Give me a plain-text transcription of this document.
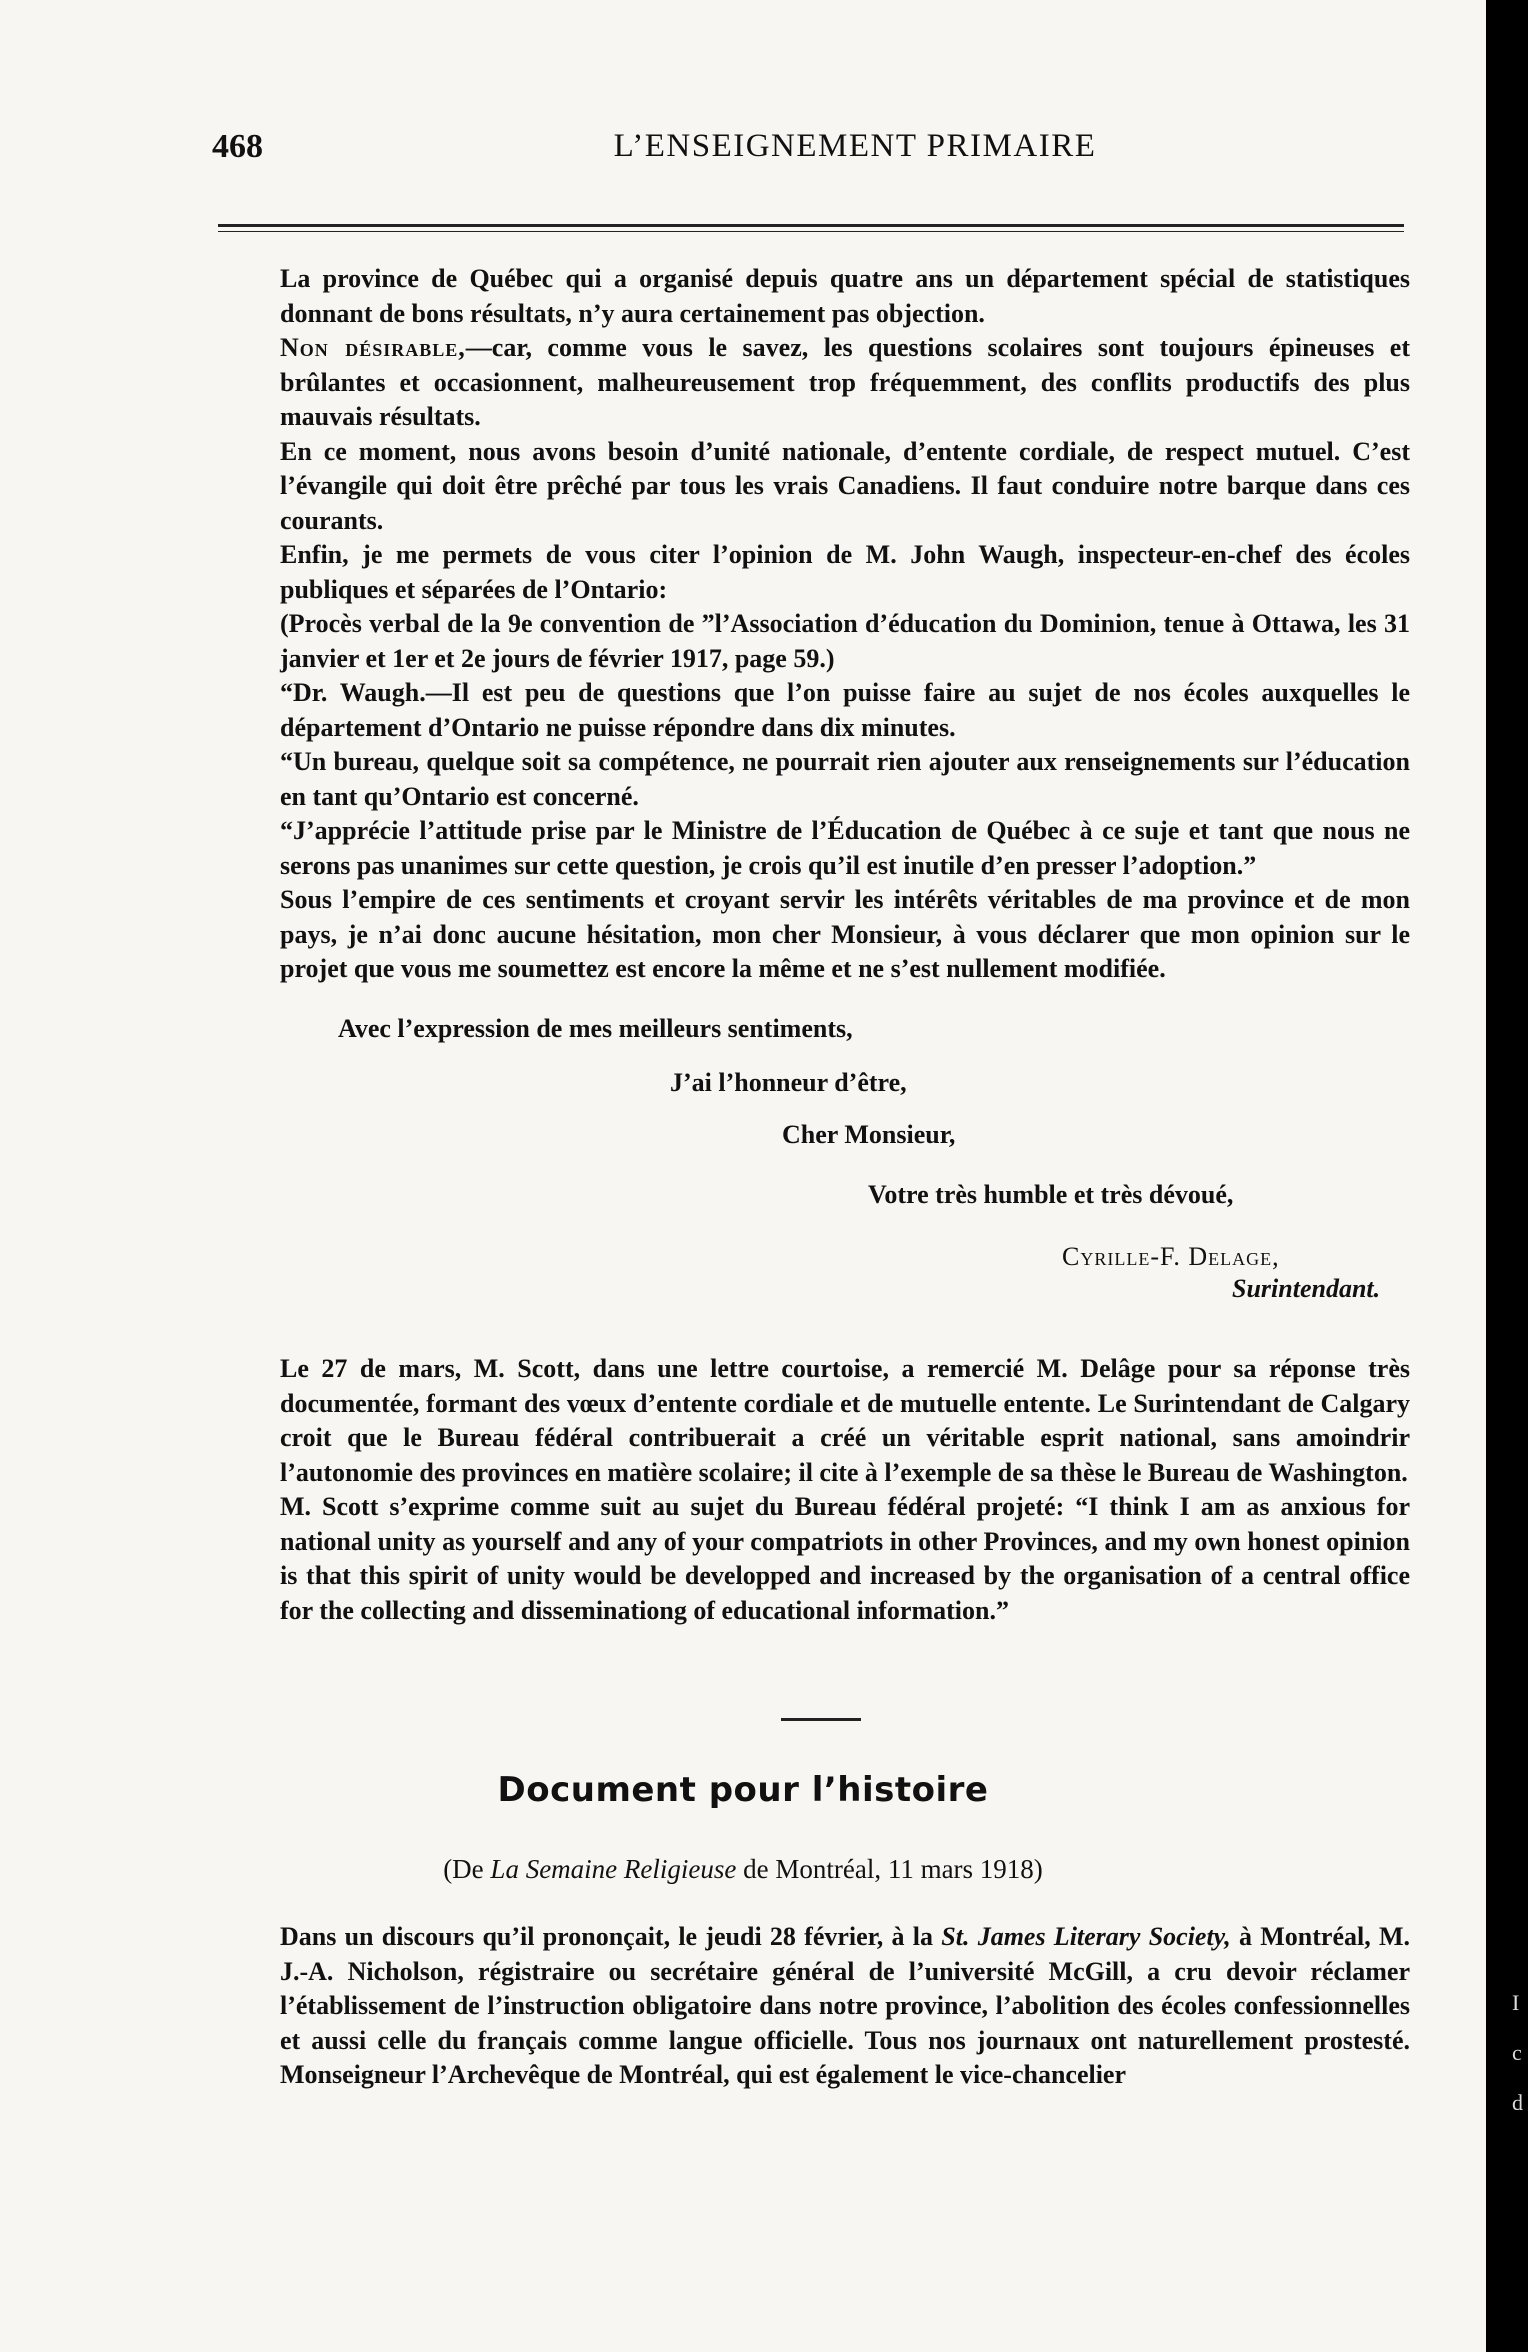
468	L’ENSEIGNEMENT PRIMAIRE

La province de Québec qui a organisé depuis quatre ans un département spécial de statistiques donnant de bons résultats, n’y aura certainement pas objection.

Non désirable,—car, comme vous le savez, les questions scolaires sont toujours épineuses et brûlantes et occasionnent, malheureusement trop fréquemment, des conflits productifs des plus mauvais résultats.

En ce moment, nous avons besoin d’unité nationale, d’entente cordiale, de respect mutuel. C’est l’évangile qui doit être prêché par tous les vrais Canadiens. Il faut conduire notre barque dans ces courants.

Enfin, je me permets de vous citer l’opinion de M. John Waugh, inspecteur-en-chef des écoles publiques et séparées de l’Ontario:

(Procès verbal de la 9e convention de ”l’Association d’éducation du Dominion, tenue à Ottawa, les 31 janvier et 1er et 2e jours de février 1917, page 59.)

“Dr. Waugh.—Il est peu de questions que l’on puisse faire au sujet de nos écoles auxquelles le département d’Ontario ne puisse répondre dans dix minutes.

“Un bureau, quelque soit sa compétence, ne pourrait rien ajouter aux renseignements sur l’éducation en tant qu’Ontario est concerné.

“J’apprécie l’attitude prise par le Ministre de l’Éducation de Québec à ce suje et tant que nous ne serons pas unanimes sur cette question, je crois qu’il est inutile d’en presser l’adoption.”

Sous l’empire de ces sentiments et croyant servir les intérêts véritables de ma province et de mon pays, je n’ai donc aucune hésitation, mon cher Monsieur, à vous déclarer que mon opinion sur le projet que vous me soumettez est encore la même et ne s’est nullement modifiée.

Avec l’expression de mes meilleurs sentiments,
J’ai l’honneur d’être,
Cher Monsieur,
Votre très humble et très dévoué,
Cyrille-F. Delage,
Surintendant.

Le 27 de mars, M. Scott, dans une lettre courtoise, a remercié M. Delâge pour sa réponse très documentée, formant des vœux d’entente cordiale et de mutuelle entente. Le Surintendant de Calgary croit que le Bureau fédéral contribuerait a créé un véritable esprit national, sans amoindrir l’autonomie des provinces en matière scolaire; il cite à l’exemple de sa thèse le Bureau de Washington.

M. Scott s’exprime comme suit au sujet du Bureau fédéral projeté: “I think I am as anxious for national unity as yourself and any of your compatriots in other Provinces, and my own honest opinion is that this spirit of unity would be developped and increased by the organisation of a central office for the collecting and disseminationg of educational information.”

Document pour l’histoire
(De La Semaine Religieuse de Montréal, 11 mars 1918)

Dans un discours qu’il prononçait, le jeudi 28 février, à la St. James Literary Society, à Montréal, M. J.-A. Nicholson, régistraire ou secrétaire général de l’université McGill, a cru devoir réclamer l’établissement de l’instruction obligatoire dans notre province, l’abolition des écoles confessionnelles et aussi celle du français comme langue officielle. Tous nos journaux ont naturellement prostesté. Monseigneur l’Archevêque de Montréal, qui est également le vice-chancelier

I
c
d
